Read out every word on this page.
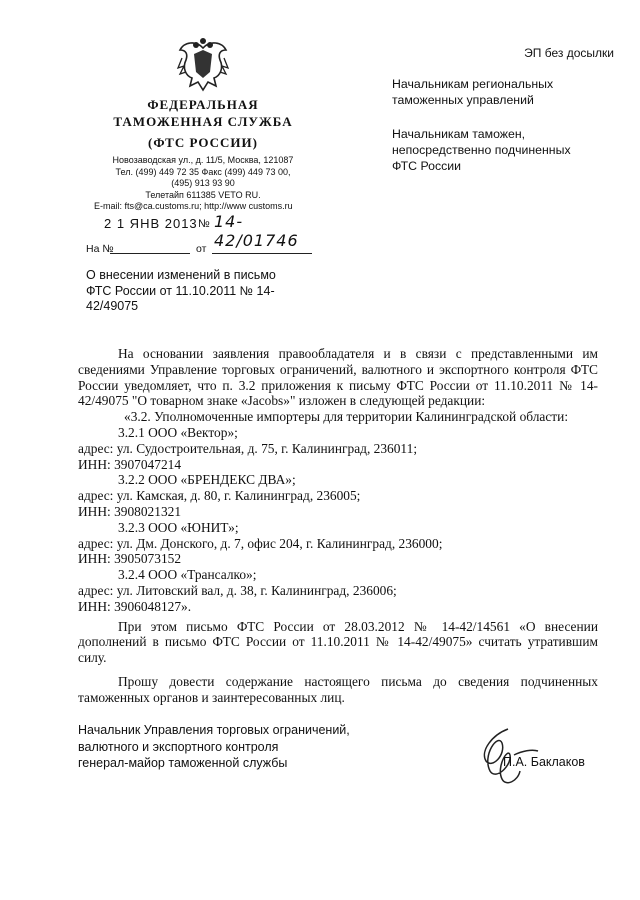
ЭП без досылки
ФЕДЕРАЛЬНАЯ
ТАМОЖЕННАЯ СЛУЖБА
(ФТС РОССИИ)
Новозаводская ул., д. 11/5, Москва, 121087
Тел. (499) 449 72 35 Факс (499) 449 73 00,
(495) 913 93 90
Телетайп 611385 VETO RU.
E-mail: fts@ca.customs.ru; http://www customs.ru
2 1 ЯНВ 2013 № 14-42/01746
На №	от
Начальникам региональных
таможенных управлений
Начальникам таможен,
непосредственно подчиненных
ФТС России
О внесении изменений в письмо
ФТС России от 11.10.2011 № 14-
42/49075

На основании заявления правообладателя и в связи с представленными им сведениями Управление торговых ограничений, валютного и экспортного контроля ФТС России уведомляет, что п. 3.2 приложения к письму ФТС России от 11.10.2011 № 14-42/49075 "О товарном знаке «Jacobs»" изложен в следующей редакции:

«3.2. Уполномоченные импортеры для территории Калининградской области:

3.2.1 ООО «Вектор»;

адрес: ул. Судостроительная, д. 75, г. Калининград, 236011;

ИНН: 3907047214

3.2.2 ООО «БРЕНДЕКС ДВА»;

адрес: ул. Камская, д. 80, г. Калининград, 236005;

ИНН: 3908021321

3.2.3 ООО «ЮНИТ»;

адрес: ул. Дм. Донского, д. 7, офис 204, г. Калининград, 236000;

ИНН: 3905073152

3.2.4 ООО «Трансалко»;

адрес: ул. Литовский вал, д. 38, г. Калининград, 236006;

ИНН: 3906048127».

При этом письмо ФТС России от 28.03.2012 № 14-42/14561 «О внесении дополнений в письмо ФТС России от 11.10.2011 № 14-42/49075» считать утратившим силу.

Прошу довести содержание настоящего письма до сведения подчиненных таможенных органов и заинтересованных лиц.

Начальник Управления торговых ограничений,
валютного и экспортного контроля
генерал-майор таможенной службы	П.А. Баклаков
